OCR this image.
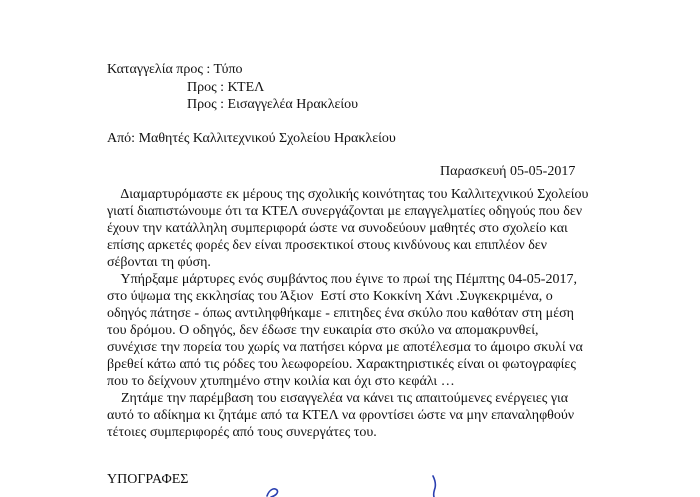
Καταγγελία προς : Τύπο
Προς : ΚΤΕΛ
Προς : Εισαγγελέα Ηρακλείου
Από: Μαθητές Καλλιτεχνικού Σχολείου Ηρακλείου
Παρασκευή 05-05-2017
Διαμαρτυρόμαστε εκ μέρους της σχολικής κοινότητας του Καλλιτεχνικού Σχολείου
γιατί διαπιστώνουμε ότι τα ΚΤΕΛ συνεργάζονται με επαγγελματίες οδηγούς που δεν
έχουν την κατάλληλη συμπεριφορά ώστε να συνοδεύουν μαθητές στο σχολείο και
επίσης αρκετές φορές δεν είναι προσεκτικοί στους κινδύνους και επιπλέον δεν
σέβονται τη φύση.
Υπήρξαμε μάρτυρες ενός συμβάντος που έγινε το πρωί της Πέμπτης 04-05-2017,
στο ύψωμα της εκκλησίας του Άξιον  Εστί στο Κοκκίνη Χάνι .Συγκεκριμένα, ο
οδηγός πάτησε - όπως αντιληφθήκαμε - επιτηδες ένα σκύλο που καθόταν στη μέση
του δρόμου. Ο οδηγός, δεν έδωσε την ευκαιρία στο σκύλο να απομακρυνθεί,
συνέχισε την πορεία του χωρίς να πατήσει κόρνα με αποτέλεσμα το άμοιρο σκυλί να
βρεθεί κάτω από τις ρόδες του λεωφορείου. Χαρακτηριστικές είναι οι φωτογραφίες
που το δείχνουν χτυπημένο στην κοιλία και όχι στο κεφάλι …
Ζητάμε την παρέμβαση του εισαγγελέα να κάνει τις απαιτούμενες ενέργειες για
αυτό το αδίκημα κι ζητάμε από τα ΚΤΕΛ να φροντίσει ώστε να μην επαναληφθούν
τέτοιες συμπεριφορές από τους συνεργάτες του.
ΥΠΟΓΡΑΦΕΣ
